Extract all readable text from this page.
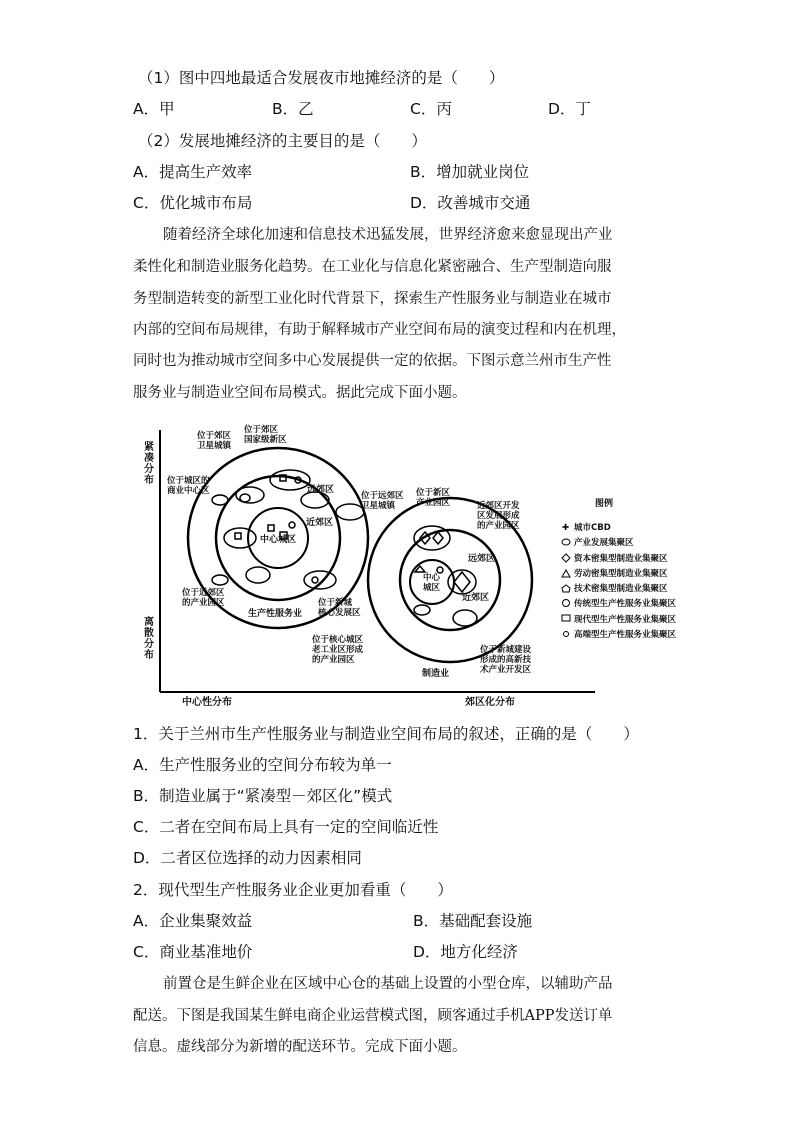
（1）图中四地最适合发展夜市地摊经济的是（　　）
A．甲	B．乙	C．丙	D．丁
（2）发展地摊经济的主要目的是（　　）
A．提高生产效率	B．增加就业岗位
C．优化城市布局	D．改善城市交通
随着经济全球化加速和信息技术迅猛发展，世界经济愈来愈显现出产业
柔性化和制造业服务化趋势。在工业化与信息化紧密融合、生产型制造向服
务型制造转变的新型工业化时代背景下，探索生产性服务业与制造业在城市
内部的空间布局规律，有助于解释城市产业空间布局的演变过程和内在机理，
同时也为推动城市空间多中心发展提供一定的依据。下图示意兰州市生产性
服务业与制造业空间布局模式。据此完成下面小题。
紧凑分布
离散分布
中心性分布	郊区化分布
中心城区
近郊区
远郊区
生产性服务业
位于郊区卫星城镇
位于郊区国家级新区
位于城区的商业中心区
位于近郊区的产业园区	位于新城核心发展区
位于远郊区卫星城镇
中心城区
近郊区
远郊区
制造业
位于新区产业园区	近郊区开发区发展形成的产业园区
位于核心城区老工业区形成的产业园区
位于新城建设形成的高新技术产业开发区
图例
✚ 城市CBD
产业发展集聚区
资本密集型制造业集聚区
劳动密集型制造业集聚区
技术密集型制造业集聚区
传统型生产性服务业集聚区
现代型生产性服务业集聚区
高端型生产性服务业集聚区
1．关于兰州市生产性服务业与制造业空间布局的叙述，正确的是（　　）
A．生产性服务业的空间分布较为单一
B．制造业属于“紧凑型－郊区化”模式
C．二者在空间布局上具有一定的空间临近性
D．二者区位选择的动力因素相同
2．现代型生产性服务业企业更加看重（　　）
A．企业集聚效益	B．基础配套设施
C．商业基准地价	D．地方化经济
前置仓是生鲜企业在区域中心仓的基础上设置的小型仓库，以辅助产品
配送。下图是我国某生鲜电商企业运营模式图，顾客通过手机APP发送订单
信息。虚线部分为新增的配送环节。完成下面小题。
